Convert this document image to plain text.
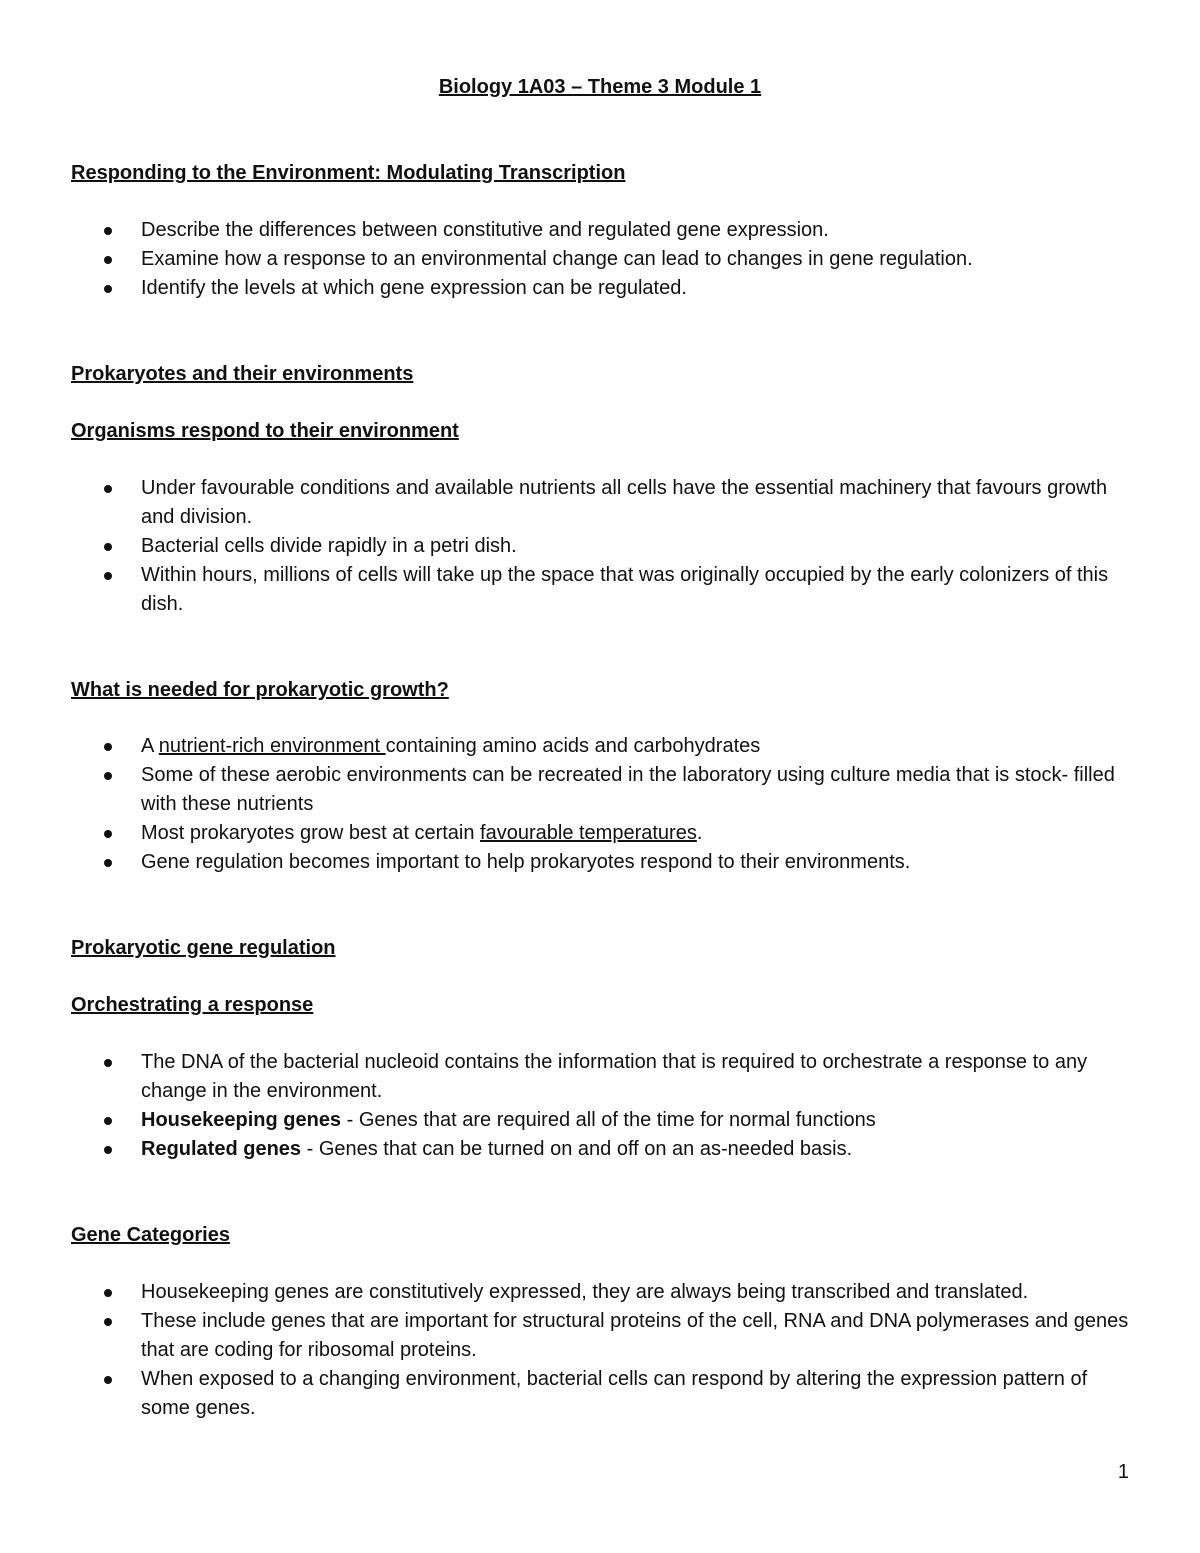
Biology 1A03 – Theme 3 Module 1
Responding to the Environment: Modulating Transcription
Describe the differences between constitutive and regulated gene expression.
Examine how a response to an environmental change can lead to changes in gene regulation.
Identify the levels at which gene expression can be regulated.
Prokaryotes and their environments
Organisms respond to their environment
Under favourable conditions and available nutrients all cells have the essential machinery that favours growth and division.
Bacterial cells divide rapidly in a petri dish.
Within hours, millions of cells will take up the space that was originally occupied by the early colonizers of this dish.
What is needed for prokaryotic growth?
A nutrient-rich environment containing amino acids and carbohydrates
Some of these aerobic environments can be recreated in the laboratory using culture media that is stock- filled with these nutrients
Most prokaryotes grow best at certain favourable temperatures.
Gene regulation becomes important to help prokaryotes respond to their environments.
Prokaryotic gene regulation
Orchestrating a response
The DNA of the bacterial nucleoid contains the information that is required to orchestrate a response to any change in the environment.
Housekeeping genes - Genes that are required all of the time for normal functions
Regulated genes - Genes that can be turned on and off on an as-needed basis.
Gene Categories
Housekeeping genes are constitutively expressed, they are always being transcribed and translated.
These include genes that are important for structural proteins of the cell, RNA and DNA polymerases and genes that are coding for ribosomal proteins.
When exposed to a changing environment, bacterial cells can respond by altering the expression pattern of some genes.
1
